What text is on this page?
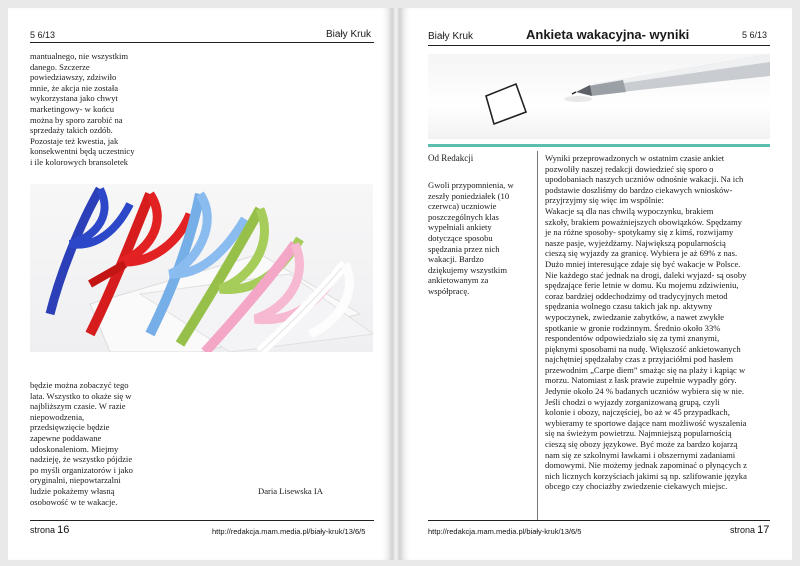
5 6/13	Biały Kruk
mantualnego, nie wszystkim
danego. Szczerze
powiedziawszy, zdziwiło
mnie, że akcja nie została
wykorzystana jako chwyt
marketingowy- w końcu
można by sporo zarobić na
sprzedaży takich ozdób.
Pozostaje też kwestia, jak
konsekwentni będą uczestnicy
i ile kolorowych bransoletek
będzie można zobaczyć tego
lata. Wszystko to okaże się w
najbliższym czasie. W razie
niepowodzenia,
przedsięwzięcie będzie
zapewne poddawane
udoskonaleniom. Miejmy
nadzieję, że wszystko pójdzie
po myśli organizatorów i jako
oryginalni, niepowtarzalni
ludzie pokażemy własną
osobowość w te wakacje.
Daria Lisewska IA
strona 16	http://redakcja.mam.media.pl/biały-kruk/13/6/5
Biały Kruk	Ankieta wakacyjna- wyniki	5 6/13
Od Redakcji
Gwoli przypomnienia, w
zeszły poniedziałek (10
czerwca) uczniowie
poszczególnych klas
wypełniali ankiety
dotyczące sposobu
spędzania przez nich
wakacji. Bardzo
dziękujemy wszystkim
ankietowanym za
współpracę.
Wyniki przeprowadzonych w ostatnim czasie ankiet
pozwoliły naszej redakcji dowiedzieć się sporo o
upodobaniach naszych uczniów odnośnie wakacji. Na ich
podstawie doszliśmy do bardzo ciekawych wniosków-
przyjrzyjmy się więc im wspólnie:
Wakacje są dla nas chwilą wypoczynku, brakiem
szkoły, brakiem poważniejszych obowiązków. Spędzamy
je na różne sposoby- spotykamy się z kimś, rozwijamy
nasze pasje, wyjeżdżamy. Największą popularnością
cieszą się wyjazdy za granicę. Wybiera je aż 69% z nas.
Dużo mniej interesujące zdaje się być wakacje w Polsce.
Nie każdego stać jednak na drogi, daleki wyjazd- są osoby
spędzające ferie letnie w domu. Ku mojemu zdziwieniu,
coraz bardziej oddechodzimy od tradycyjnych metod
spędzania wolnego czasu takich jak np. aktywny
wypoczynek, zwiedzanie zabytków, a nawet zwykłe
spotkanie w gronie rodzinnym. Średnio około 33%
respondentów odpowiedziało się za tymi znanymi,
pięknymi sposobami na nudę. Większość ankietowanych
najchętniej spędzałaby czas z przyjaciółmi pod hasłem
przewodnim „Carpe diem” smażąc się na plaży i kąpiąc w
morzu. Natomiast z łask prawie zupełnie wypadły góry.
Jedynie około 24 % badanych uczniów wybiera się w nie.
Jeśli chodzi o wyjazdy zorganizowaną grupą, czyli
kolonie i obozy, najczęściej, bo aż w 45 przypadkach,
wybieramy te sportowe dające nam możliwość wyszalenia
się na świeżym powietrzu. Najmniejszą popularnością
cieszą się obozy językowe. Być może za bardzo kojarzą
nam się ze szkolnymi ławkami i obszernymi zadaniami
domowymi. Nie możemy jednak zapominać o płynących z
nich licznych korzyściach jakimi są np. szlifowanie języka
obcego czy chociażby zwiedzenie ciekawych miejsc.
http://redakcja.mam.media.pl/biały-kruk/13/6/5	strona 17
